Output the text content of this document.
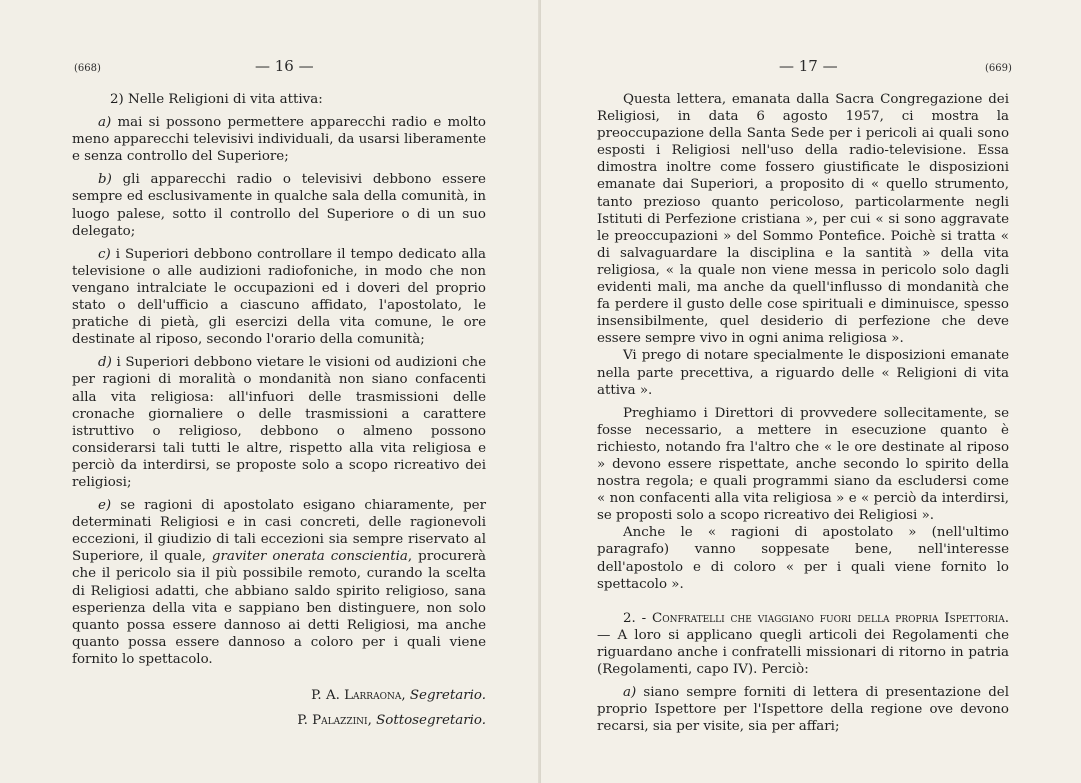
(668)	— 16 —

2) Nelle Religioni di vita attiva:

a) mai si possono permettere apparecchi radio e molto meno apparecchi televisivi individuali, da usarsi liberamente e senza controllo del Superiore;

b) gli apparecchi radio o televisivi debbono essere sempre ed esclusivamente in qualche sala della comunità, in luogo palese, sotto il controllo del Superiore o di un suo delegato;

c) i Superiori debbono controllare il tempo dedicato alla televisione o alle audizioni radiofoniche, in modo che non vengano intralciate le occupazioni ed i doveri del proprio stato o dell'ufficio a ciascuno affidato, l'apostolato, le pratiche di pietà, gli esercizi della vita comune, le ore destinate al riposo, secondo l'orario della comunità;

d) i Superiori debbono vietare le visioni od audizioni che per ragioni di moralità o mondanità non siano confacenti alla vita religiosa: all'infuori delle trasmissioni delle cronache giornaliere o delle trasmissioni a carattere istruttivo o religioso, debbono o almeno possono considerarsi tali tutti le altre, rispetto alla vita religiosa e perciò da interdirsi, se proposte solo a scopo ricreativo dei religiosi;

e) se ragioni di apostolato esigano chiaramente, per determinati Religiosi e in casi concreti, delle ragionevoli eccezioni, il giudizio di tali eccezioni sia sempre riservato al Superiore, il quale, graviter onerata conscientia, procurerà che il pericolo sia il più possibile remoto, curando la scelta di Religiosi adatti, che abbiano saldo spirito religioso, sana esperienza della vita e sappiano ben distinguere, non solo quanto possa essere dannoso ai detti Religiosi, ma anche quanto possa essere dannoso a coloro per i quali viene fornito lo spettacolo.

P. A. Larraona, Segretario.

P. Palazzini, Sottosegretario.

— 17 —	(669)

Questa lettera, emanata dalla Sacra Congregazione dei Religiosi, in data 6 agosto 1957, ci mostra la preoccupazione della Santa Sede per i pericoli ai quali sono esposti i Religiosi nell'uso della radio-televisione. Essa dimostra inoltre come fossero giustificate le disposizioni emanate dai Superiori, a proposito di « quello strumento, tanto prezioso quanto pericoloso, particolarmente negli Istituti di Perfezione cristiana », per cui « si sono aggravate le preoccupazioni » del Sommo Pontefice. Poichè si tratta « di salvaguardare la disciplina e la santità » della vita religiosa, « la quale non viene messa in pericolo solo dagli evidenti mali, ma anche da quell'influsso di mondanità che fa perdere il gusto delle cose spirituali e diminuisce, spesso insensibilmente, quel desiderio di perfezione che deve essere sempre vivo in ogni anima religiosa ».

Vi prego di notare specialmente le disposizioni emanate nella parte precettiva, a riguardo delle « Religioni di vita attiva ».

Preghiamo i Direttori di provvedere sollecitamente, se fosse necessario, a mettere in esecuzione quanto è richiesto, notando fra l'altro che « le ore destinate al riposo » devono essere rispettate, anche secondo lo spirito della nostra regola; e quali programmi siano da escludersi come « non confacenti alla vita religiosa » e « perciò da interdirsi, se proposti solo a scopo ricreativo dei Religiosi ».

Anche le « ragioni di apostolato » (nell'ultimo paragrafo) vanno soppesate bene, nell'interesse dell'apostolo e di coloro « per i quali viene fornito lo spettacolo ».

2. - Confratelli che viaggiano fuori della propria Ispettoria. — A loro si applicano quegli articoli dei Regolamenti che riguardano anche i confratelli missionari di ritorno in patria (Regolamenti, capo IV). Perciò:

a) siano sempre forniti di lettera di presentazione del proprio Ispettore per l'Ispettore della regione ove devono recarsi, sia per visite, sia per affari;
